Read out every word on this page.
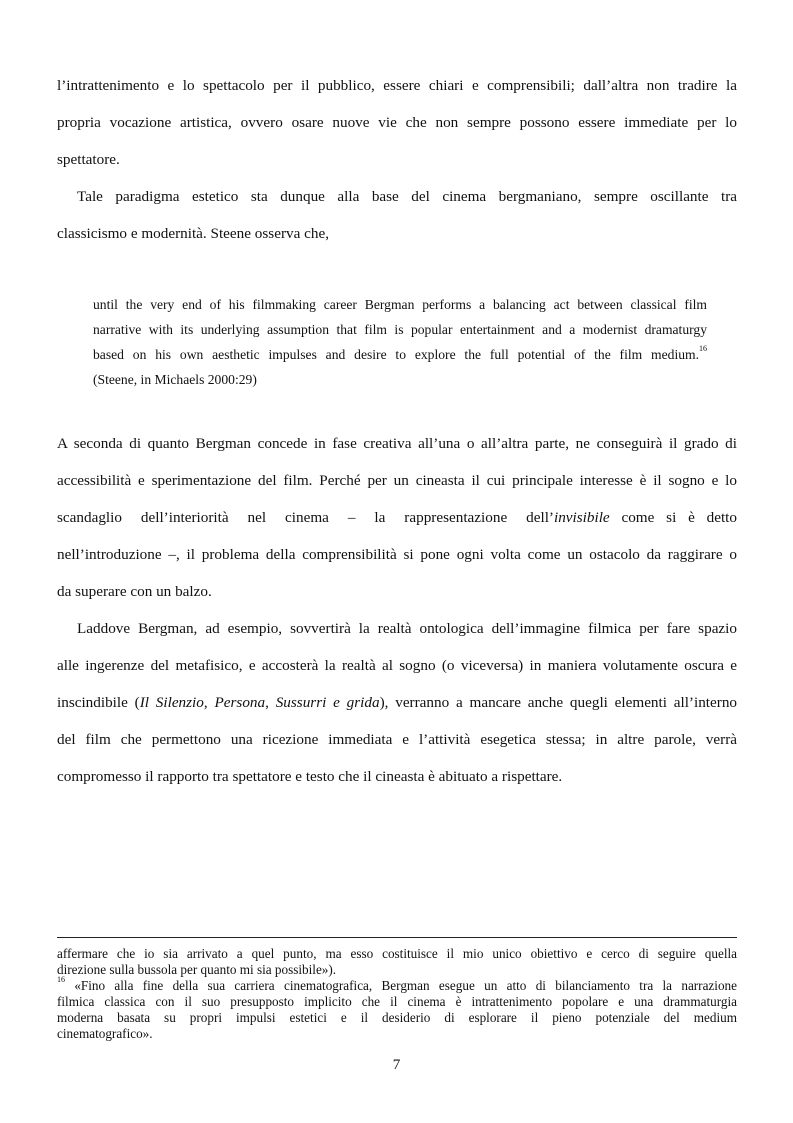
l’intrattenimento e lo spettacolo per il pubblico, essere chiari e comprensibili; dall’altra non tradire la
propria vocazione artistica, ovvero osare nuove vie che non sempre possono essere immediate per lo
spettatore.
Tale paradigma estetico sta dunque alla base del cinema bergmaniano, sempre oscillante tra
classicismo e modernità. Steene osserva che,
until the very end of his filmmaking career Bergman performs a balancing act between classical film
narrative with its underlying assumption that film is popular entertainment and a modernist dramaturgy
based on his own aesthetic impulses and desire to explore the full potential of the film medium.$^{16}$
(Steene, in Michaels 2000:29)
A seconda di quanto Bergman concede in fase creativa all’una o all’altra parte, ne conseguirà il grado di
accessibilità e sperimentazione del film. Perché per un cineasta il cui principale interesse è il sogno e lo
scandaglio dell’interiorità nel cinema – la rappresentazione dell’invisibile come si è detto
nell’introduzione –, il problema della comprensibilità si pone ogni volta come un ostacolo da raggirare o
da superare con un balzo.
Laddove Bergman, ad esempio, sovvertirà la realtà ontologica dell’immagine filmica per fare spazio
alle ingerenze del metafisico, e accosterà la realtà al sogno (o viceversa) in maniera volutamente oscura e
inscindibile (Il Silenzio, Persona, Sussurri e grida), verranno a mancare anche quegli elementi all’interno
del film che permettono una ricezione immediata e l’attività esegetica stessa; in altre parole, verrà
compromesso il rapporto tra spettatore e testo che il cineasta è abituato a rispettare.
affermare che io sia arrivato a quel punto, ma esso costituisce il mio unico obiettivo e cerco di seguire quella
direzione sulla bussola per quanto mi sia possibile»).
$^{16}$ «Fino alla fine della sua carriera cinematografica, Bergman esegue un atto di bilanciamento tra la narrazione
filmica classica con il suo presupposto implicito che il cinema è intrattenimento popolare e una drammaturgia
moderna basata su propri impulsi estetici e il desiderio di esplorare il pieno potenziale del medium
cinematografico».
7
